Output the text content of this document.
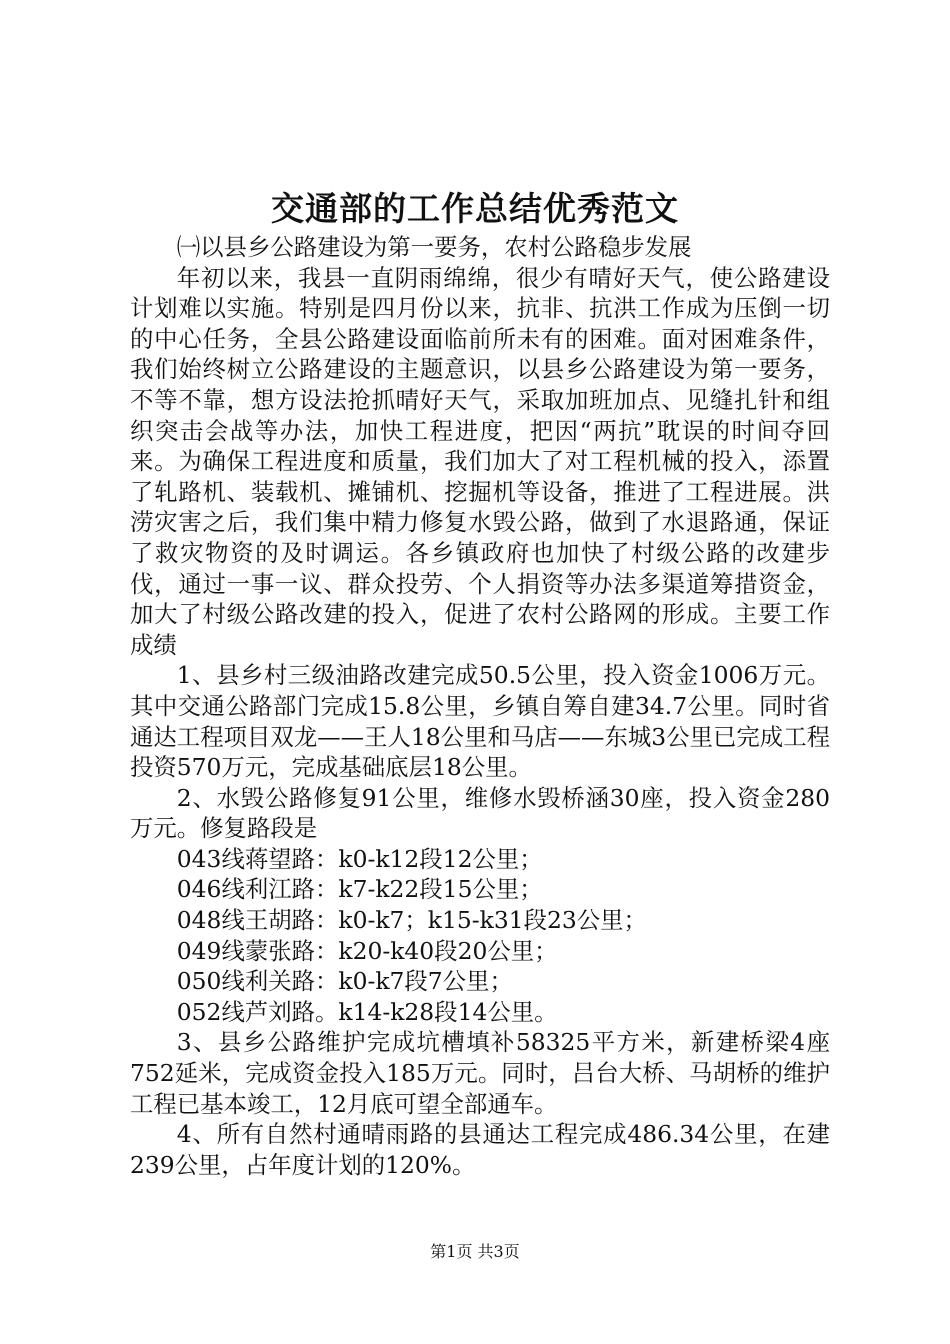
交通部的工作总结优秀范文

㈠以县乡公路建设为第一要务，农村公路稳步发展

年初以来，我县一直阴雨绵绵，很少有晴好天气，使公路建设计划难以实施。特别是四月份以来，抗非、抗洪工作成为压倒一切的中心任务，全县公路建设面临前所未有的困难。面对困难条件，我们始终树立公路建设的主题意识，以县乡公路建设为第一要务，不等不靠，想方设法抢抓晴好天气，采取加班加点、见缝扎针和组织突击会战等办法，加快工程进度，把因“两抗”耽误的时间夺回来。为确保工程进度和质量，我们加大了对工程机械的投入，添置了轧路机、装载机、摊铺机、挖掘机等设备，推进了工程进展。洪涝灾害之后，我们集中精力修复水毁公路，做到了水退路通，保证了救灾物资的及时调运。各乡镇政府也加快了村级公路的改建步伐，通过一事一议、群众投劳、个人捐资等办法多渠道筹措资金，加大了村级公路改建的投入，促进了农村公路网的形成。主要工作成绩

1、县乡村三级油路改建完成50.5公里，投入资金1006万元。其中交通公路部门完成15.8公里，乡镇自筹自建34.7公里。同时省通达工程项目双龙——王人18公里和马店——东城3公里已完成工程投资570万元，完成基础底层18公里。

2、水毁公路修复91公里，维修水毁桥涵30座，投入资金280万元。修复路段是

043线蒋望路：k0-k12段12公里；

046线利江路：k7-k22段15公里；

048线王胡路：k0-k7；k15-k31段23公里；

049线蒙张路：k20-k40段20公里；

050线利关路：k0-k7段7公里；

052线芦刘路。k14-k28段14公里。

3、县乡公路维护完成坑槽填补58325平方米，新建桥梁4座752延米，完成资金投入185万元。同时，吕台大桥、马胡桥的维护工程已基本竣工，12月底可望全部通车。

4、所有自然村通晴雨路的县通达工程完成486.34公里，在建239公里，占年度计划的120%。

第1页 共3页
